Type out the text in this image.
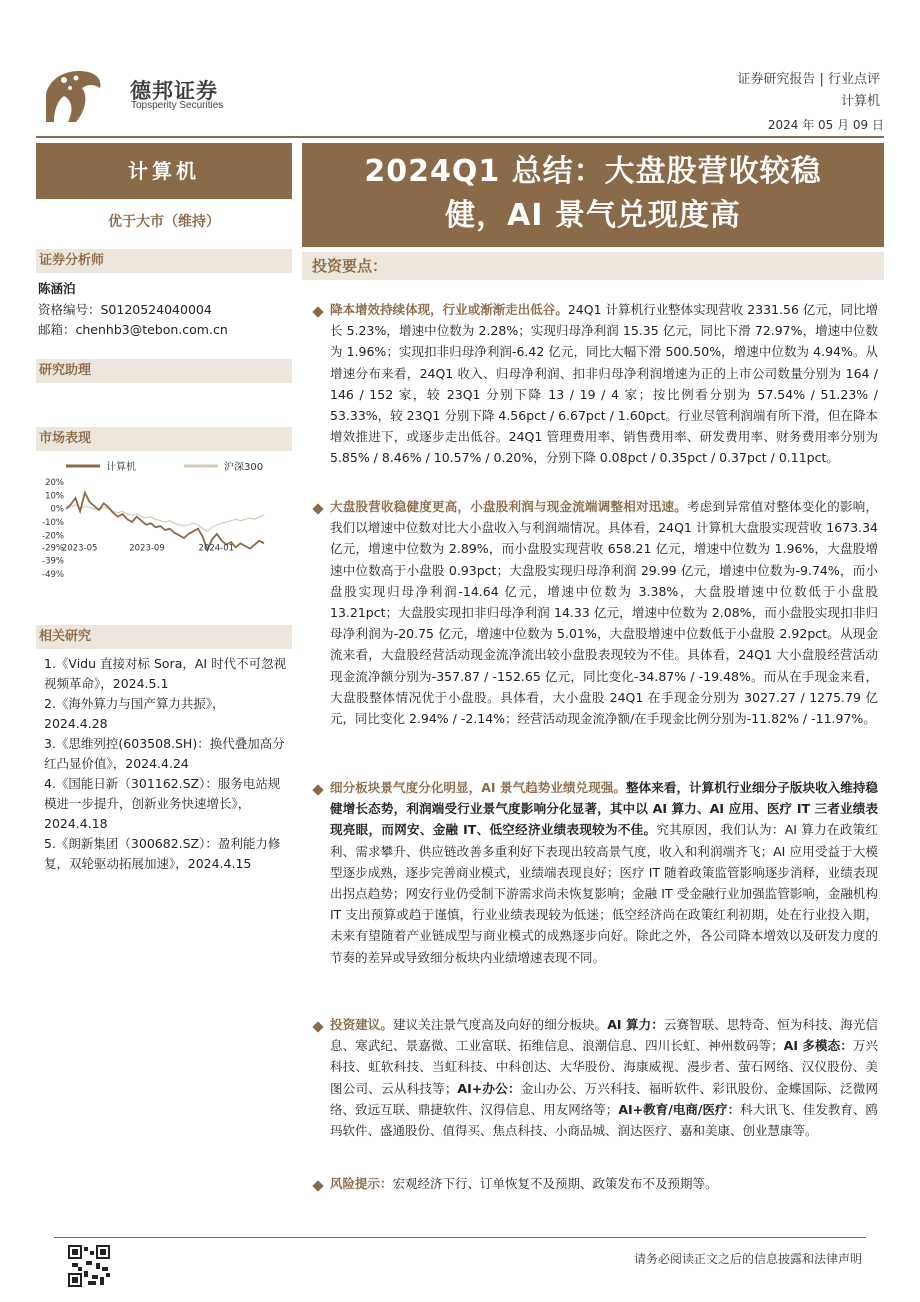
德邦证券
Topsperity Securities
证券研究报告 | 行业点评
计算机
2024 年 05 月 09 日
计算机
优于大市（维持）
证券分析师
陈涵泊
资格编号：S0120524040004
邮箱：chenhb3@tebon.com.cn
研究助理
市场表现
计算机	沪深300
20%
10%
0%
-10%
-20%
-29%
-39%
-49%
2023-05	2023-09	2024-01
相关研究
1.《Vidu 直接对标 Sora，AI 时代不可忽视视频革命》，2024.5.1
2.《海外算力与国产算力共振》，2024.4.28
3.《思维列控(603508.SH)：换代叠加高分红凸显价值》，2024.4.24
4.《国能日新（301162.SZ）：服务电站规模进一步提升，创新业务快速增长》，2024.4.18
5.《朗新集团（300682.SZ）：盈利能力修复，双轮驱动拓展加速》，2024.4.15
2024Q1 总结：大盘股营收较稳
健，AI 景气兑现度高
投资要点：
降本增效持续体现，行业或渐渐走出低谷。24Q1 计算机行业整体实现营收 2331.56 亿元，同比增长 5.23%，增速中位数为 2.28%；实现归母净利润 15.35 亿元，同比下滑 72.97%，增速中位数为 1.96%；实现扣非归母净利润-6.42 亿元，同比大幅下滑 500.50%，增速中位数为 4.94%。从增速分布来看，24Q1 收入、归母净利润、扣非归母净利润增速为正的上市公司数量分别为 164 / 146 / 152 家，较 23Q1 分别下降 13 / 19 / 4 家；按比例看分别为 57.54% / 51.23% / 53.33%，较 23Q1 分别下降 4.56pct / 6.67pct / 1.60pct。行业尽管利润端有所下滑，但在降本增效推进下，或逐步走出低谷。24Q1 管理费用率、销售费用率、研发费用率、财务费用率分别为 5.85% / 8.46% / 10.57% / 0.20%，分别下降 0.08pct / 0.35pct / 0.37pct / 0.11pct。
大盘股营收稳健度更高，小盘股利润与现金流端调整相对迅速。考虑到异常值对整体变化的影响，我们以增速中位数对比大小盘收入与利润端情况。具体看，24Q1 计算机大盘股实现营收 1673.34 亿元，增速中位数为 2.89%，而小盘股实现营收 658.21 亿元，增速中位数为 1.96%，大盘股增速中位数高于小盘股 0.93pct；大盘股实现归母净利润 29.99 亿元，增速中位数为-9.74%，而小盘股实现归母净利润-14.64 亿元，增速中位数为 3.38%，大盘股增速中位数低于小盘股 13.21pct；大盘股实现扣非归母净利润 14.33 亿元，增速中位数为 2.08%，而小盘股实现扣非归母净利润为-20.75 亿元，增速中位数为 5.01%，大盘股增速中位数低于小盘股 2.92pct。从现金流来看，大盘股经营活动现金流净流出较小盘股表现较为不佳。具体看，24Q1 大小盘股经营活动现金流净额分别为-357.87 / -152.65 亿元，同比变化-34.87% / -19.48%。而从在手现金来看，大盘股整体情况优于小盘股。具体看，大小盘股 24Q1 在手现金分别为 3027.27 / 1275.79 亿元，同比变化 2.94% / -2.14%；经营活动现金流净额/在手现金比例分别为-11.82% / -11.97%。
细分板块景气度分化明显，AI 景气趋势业绩兑现强。整体来看，计算机行业细分子版块收入维持稳健增长态势，利润端受行业景气度影响分化显著，其中以 AI 算力、AI 应用、医疗 IT 三者业绩表现亮眼，而网安、金融 IT、低空经济业绩表现较为不佳。究其原因，我们认为：AI 算力在政策红利、需求攀升、供应链改善多重利好下表现出较高景气度，收入和利润端齐飞；AI 应用受益于大模型逐步成熟，逐步完善商业模式，业绩端表现良好；医疗 IT 随着政策监管影响逐步消释，业绩表现出拐点趋势；网安行业仍受制下游需求尚未恢复影响；金融 IT 受金融行业加强监管影响，金融机构 IT 支出预算或趋于谨慎，行业业绩表现较为低迷；低空经济尚在政策红利初期，处在行业投入期，未来有望随着产业链成型与商业模式的成熟逐步向好。除此之外，各公司降本增效以及研发力度的节奏的差异或导致细分板块内业绩增速表现不同。
投资建议。建议关注景气度高及向好的细分板块。AI 算力：云赛智联、思特奇、恒为科技、海光信息、寒武纪、景嘉微、工业富联、拓维信息、浪潮信息、四川长虹、神州数码等；AI 多模态：万兴科技、虹软科技、当虹科技、中科创达、大华股份、海康威视、漫步者、萤石网络、汉仪股份、美图公司、云从科技等；AI+办公：金山办公、万兴科技、福昕软件、彩讯股份、金蝶国际、泛微网络、致远互联、鼎捷软件、汉得信息、用友网络等；AI+教育/电商/医疗：科大讯飞、佳发教育、鸥玛软件、盛通股份、值得买、焦点科技、小商品城、润达医疗、嘉和美康、创业慧康等。
风险提示：宏观经济下行、订单恢复不及预期、政策发布不及预期等。
请务必阅读正文之后的信息披露和法律声明
